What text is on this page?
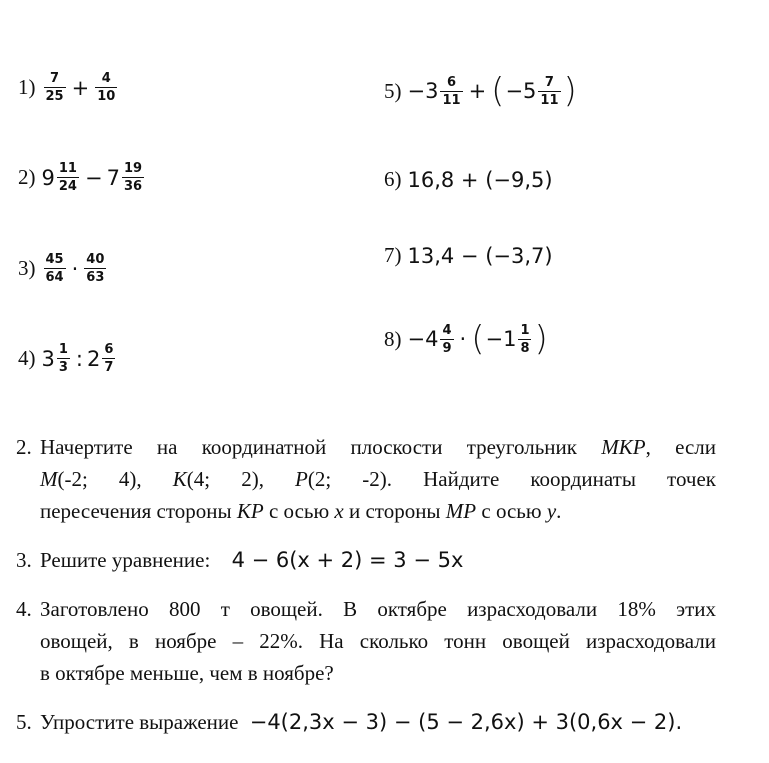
$1) \frac{7}{25} + \frac{4}{10}$
2) $9 \frac{11}{24} - 7 \frac{19}{36}$
$3) \frac{45}{64} \cdot \frac{40}{63}$
4) $3 \frac{1}{3}$ : $2 \frac{6}{7}$
$5) -3 \frac{6}{11}$ + ( $-5 \frac{7}{11}$ )
6) 16,8 + (−9,5)
7) 13,4 − (−3,7)
$8) -4 \frac{4}{9}$ · ( $-1 \frac{1}{8}$ )
2. Начертите на координатной плоскости треугольник MKP, если
M(-2; 4), K(4; 2), P(2; -2). Найдите координаты точек
пересечения стороны KP с осью x и стороны MP с осью y.
3. Решите уравнение: 4 − 6(x + 2) = 3 − 5x
4. Заготовлено 800 т овощей. В октябре израсходовали 18% этих
овощей, в ноябре – 22%. На сколько тонн овощей израсходовали
в октябре меньше, чем в ноябре?
5. Упростите выражение −4(2,3x − 3) − (5 − 2,6x) + 3(0,6x − 2).
